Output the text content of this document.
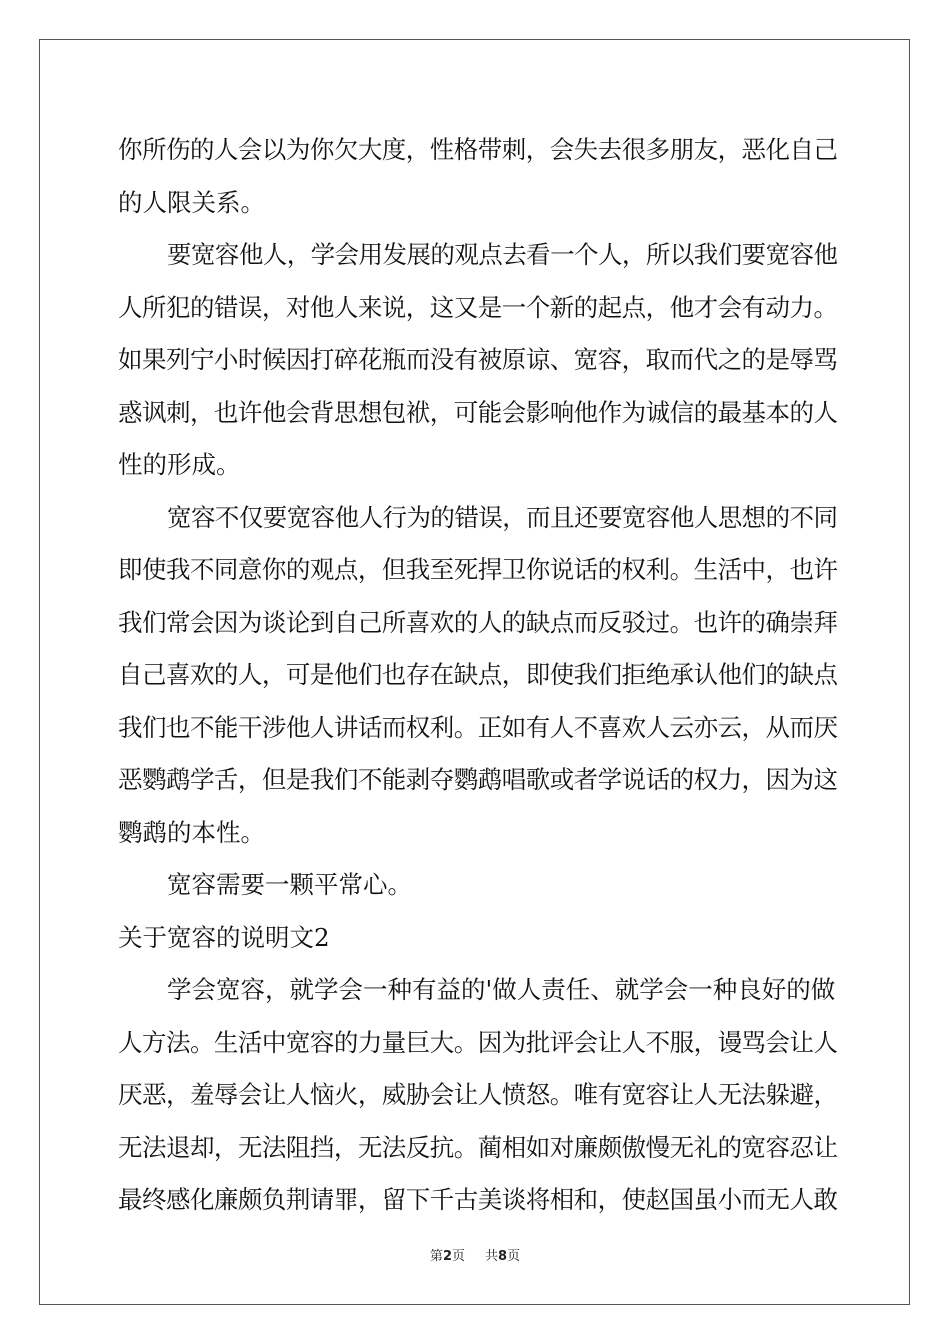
你所伤的人会以为你欠大度，性格带刺，会失去很多朋友，恶化自己

的人限关系。

要宽容他人，学会用发展的观点去看一个人，所以我们要宽容他

人所犯的错误，对他人来说，这又是一个新的起点，他才会有动力。

如果列宁小时候因打碎花瓶而没有被原谅、宽容，取而代之的是辱骂

惑讽刺，也许他会背思想包袱，可能会影响他作为诚信的最基本的人

性的形成。

宽容不仅要宽容他人行为的错误，而且还要宽容他人思想的不同

即使我不同意你的观点，但我至死捍卫你说话的权利。生活中，也许

我们常会因为谈论到自己所喜欢的人的缺点而反驳过。也许的确崇拜

自己喜欢的人，可是他们也存在缺点，即使我们拒绝承认他们的缺点

我们也不能干涉他人讲话而权利。正如有人不喜欢人云亦云，从而厌

恶鹦鹉学舌，但是我们不能剥夺鹦鹉唱歌或者学说话的权力，因为这

鹦鹉的本性。

宽容需要一颗平常心。

关于宽容的说明文2

学会宽容，就学会一种有益的'做人责任、就学会一种良好的做

人方法。生活中宽容的力量巨大。因为批评会让人不服，谩骂会让人

厌恶，羞辱会让人恼火，威胁会让人愤怒。唯有宽容让人无法躲避，

无法退却，无法阻挡，无法反抗。蔺相如对廉颇傲慢无礼的宽容忍让

最终感化廉颇负荆请罪，留下千古美谈将相和，使赵国虽小而无人敢

第2页 共8页
